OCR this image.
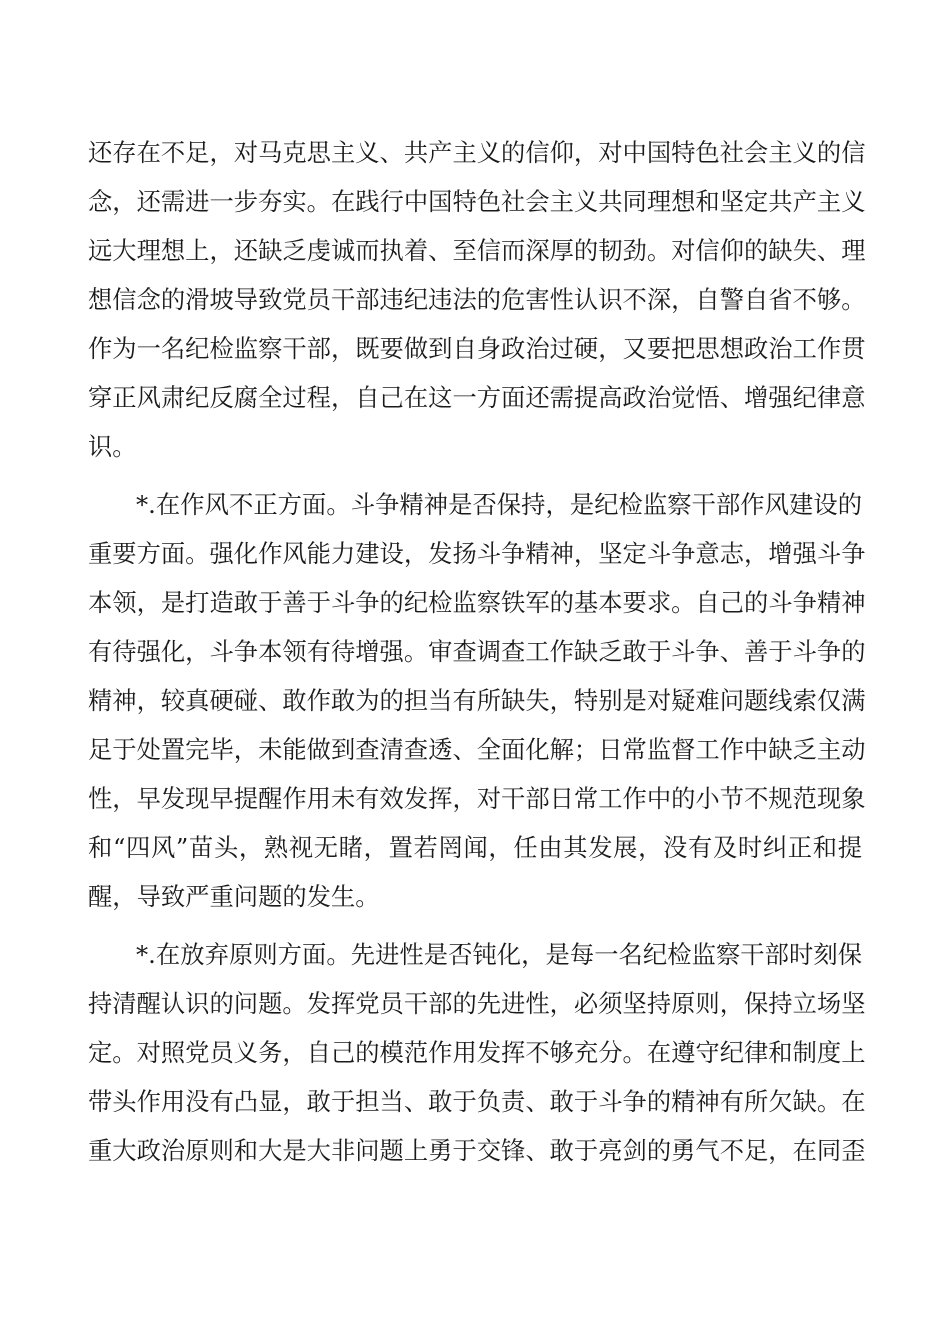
还存在不足，对马克思主义、共产主义的信仰，对中国特色社会主义的信
念，还需进一步夯实。在践行中国特色社会主义共同理想和坚定共产主义
远大理想上，还缺乏虔诚而执着、至信而深厚的韧劲。对信仰的缺失、理
想信念的滑坡导致党员干部违纪违法的危害性认识不深，自警自省不够。
作为一名纪检监察干部，既要做到自身政治过硬，又要把思想政治工作贯
穿正风肃纪反腐全过程，自己在这一方面还需提高政治觉悟、增强纪律意
识。
*.在作风不正方面。斗争精神是否保持，是纪检监察干部作风建设的
重要方面。强化作风能力建设，发扬斗争精神，坚定斗争意志，增强斗争
本领，是打造敢于善于斗争的纪检监察铁军的基本要求。自己的斗争精神
有待强化，斗争本领有待增强。审查调查工作缺乏敢于斗争、善于斗争的
精神，较真硬碰、敢作敢为的担当有所缺失，特别是对疑难问题线索仅满
足于处置完毕，未能做到查清查透、全面化解；日常监督工作中缺乏主动
性，早发现早提醒作用未有效发挥，对干部日常工作中的小节不规范现象
和“四风”苗头，熟视无睹，置若罔闻，任由其发展，没有及时纠正和提
醒，导致严重问题的发生。
*.在放弃原则方面。先进性是否钝化，是每一名纪检监察干部时刻保
持清醒认识的问题。发挥党员干部的先进性，必须坚持原则，保持立场坚
定。对照党员义务，自己的模范作用发挥不够充分。在遵守纪律和制度上
带头作用没有凸显，敢于担当、敢于负责、敢于斗争的精神有所欠缺。在
重大政治原则和大是大非问题上勇于交锋、敢于亮剑的勇气不足，在同歪
